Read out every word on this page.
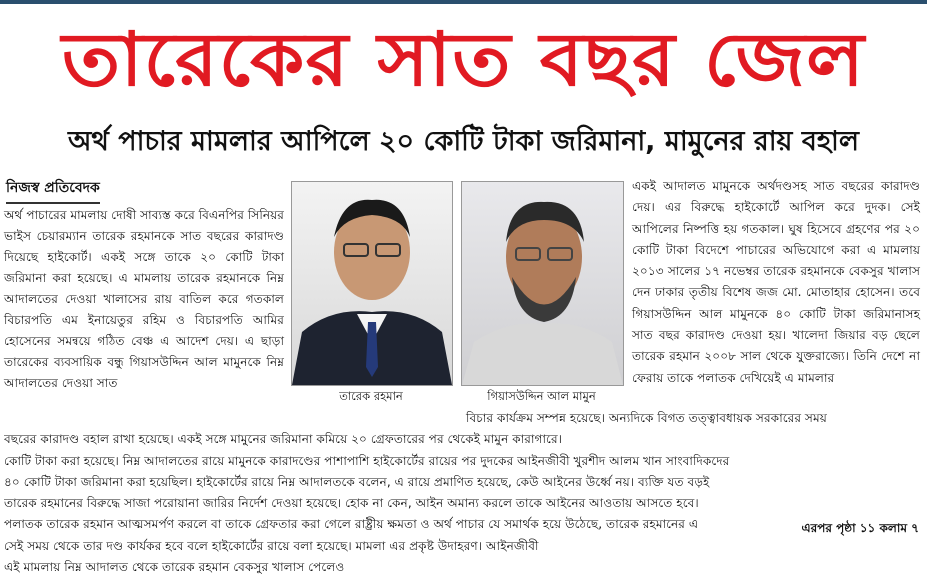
তারেকের সাত বছর জেল
অর্থ পাচার মামলার আপিলে ২০ কোটি টাকা জরিমানা, মামুনের রায় বহাল
নিজস্ব প্রতিবেদক

অর্থ পাচারের মামলায় দোষী সাব্যস্ত করে বিএনপির সিনিয়র ভাইস চেয়ারম্যান তারেক রহমানকে সাত বছরের কারাদণ্ড দিয়েছে হাইকোর্ট। একই সঙ্গে তাকে ২০ কোটি টাকা জরিমানা করা হয়েছে। এ মামলায় তারেক রহমানকে নিম্ন আদালতের দেওয়া খালাসের রায় বাতিল করে গতকাল বিচারপতি এম ইনায়েতুর রহিম ও বিচারপতি আমির হোসেনের সমন্বয়ে গঠিত বেঞ্চ এ আদেশ দেয়। এ ছাড়া তারেকের ব্যবসায়িক বন্ধু গিয়াসউদ্দিন আল মামুনকে নিম্ন আদালতের দেওয়া সাত

তারেক রহমান	গিয়াসউদ্দিন আল মামুন

একই আদালত মামুনকে অর্থদণ্ডসহ সাত বছরের কারাদণ্ড দেয়। এর বিরুদ্ধে হাইকোর্টে আপিল করে দুদক। সেই আপিলের নিষ্পত্তি হয় গতকাল। ঘুষ হিসেবে গ্রহণের পর ২০ কোটি টাকা বিদেশে পাচারের অভিযোগে করা এ মামলায় ২০১৩ সালের ১৭ নভেম্বর তারেক রহমানকে বেকসুর খালাস দেন ঢাকার তৃতীয় বিশেষ জজ মো. মোতাহার হোসেন। তবে গিয়াসউদ্দিন আল মামুনকে ৪০ কোটি টাকা জরিমানাসহ সাত বছর কারাদণ্ড দেওয়া হয়। খালেদা জিয়ার বড় ছেলে তারেক রহমান ২০০৮ সাল থেকে যুক্তরাজ্যে। তিনি দেশে না ফেরায় তাকে পলাতক দেখিয়েই এ মামলার

বিচার কার্যক্রম সম্পন্ন হয়েছে। অন্যদিকে বিগত তত্ত্বাবধায়ক সরকারের সময়
বছরের কারাদণ্ড বহাল রাখা হয়েছে। একই সঙ্গে মামুনের জরিমানা কমিয়ে ২০ গ্রেফতারের পর থেকেই মামুন কারাগারে।
কোটি টাকা করা হয়েছে। নিম্ন আদালতের রায়ে মামুনকে কারাদণ্ডের পাশাপাশি হাইকোর্টের রায়ের পর দুদকের আইনজীবী খুরশীদ আলম খান সাংবাদিকদের
৪০ কোটি টাকা জরিমানা করা হয়েছিল। হাইকোর্টের রায়ে নিম্ন আদালতকে বলেন, এ রায়ে প্রমাণিত হয়েছে, কেউ আইনের উর্ধ্বে নয়। ব্যক্তি যত বড়ই
তারেক রহমানের বিরুদ্ধে সাজা পরোয়ানা জারির নির্দেশ দেওয়া হয়েছে। হোক না কেন, আইন অমান্য করলে তাকে আইনের আওতায় আসতে হবে।
পলাতক তারেক রহমান আত্মসমর্পণ করলে বা তাকে গ্রেফতার করা গেলে রাষ্ট্রীয় ক্ষমতা ও অর্থ পাচার যে সমার্থক হয়ে উঠেছে, তারেক রহমানের এ
সেই সময় থেকে তার দণ্ড কার্যকর হবে বলে হাইকোর্টের রায়ে বলা হয়েছে। মামলা এর প্রকৃষ্ট উদাহরণ। আইনজীবী
এই মামলায় নিম্ন আদালত থেকে তারেক রহমান বেকসুর খালাস পেলেও
এরপর পৃষ্ঠা ১১ কলাম ৭
